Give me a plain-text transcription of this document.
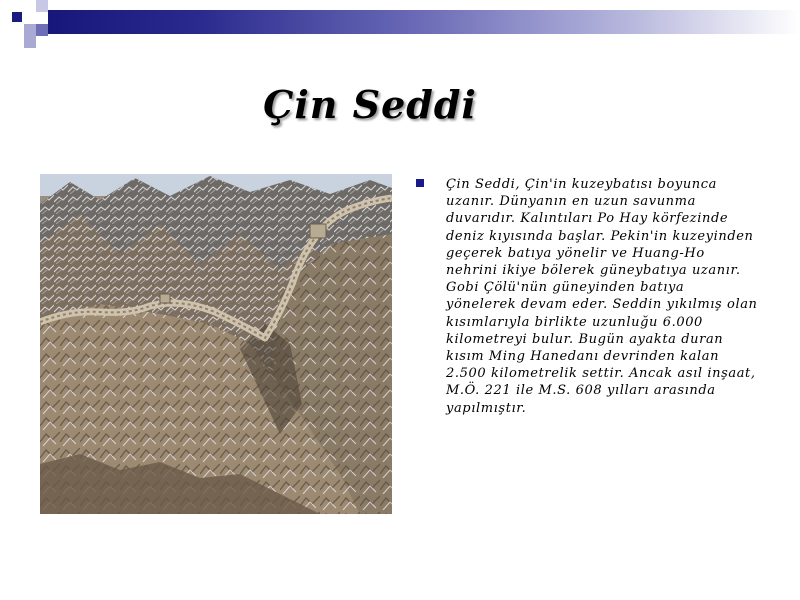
Çin Seddi

Çin Seddi, Çin'in kuzeybatısı boyunca uzanır. Dünyanın en uzun savunma duvarıdır. Kalıntıları Po Hay körfezinde deniz kıyısında başlar. Pekin'in kuzeyinden geçerek batıya yönelir ve Huang-Ho nehrini ikiye bölerek güneybatıya uzanır. Gobi Çölü'nün güneyinden batıya yönelerek devam eder. Seddin yıkılmış olan kısımlarıyla birlikte uzunluğu 6.000 kilometreyi bulur. Bugün ayakta duran kısım Ming Hanedanı devrinden kalan 2.500 kilometrelik settir. Ancak asıl inşaat, M.Ö. 221 ile M.S. 608 yılları arasında yapılmıştır.
